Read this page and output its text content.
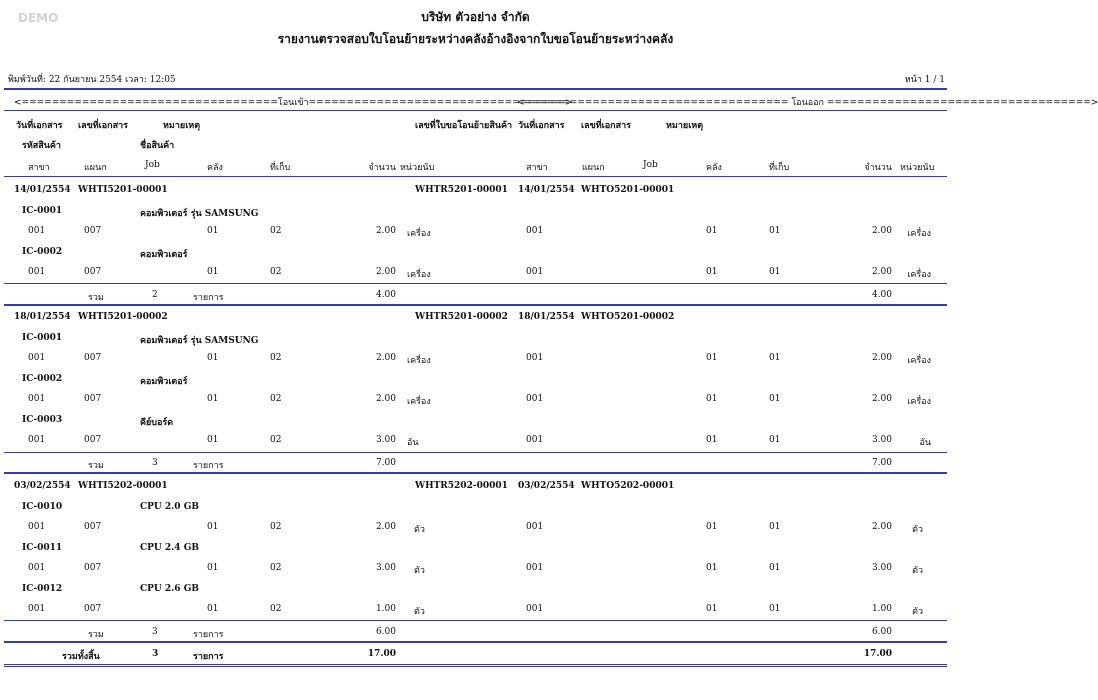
DEMO	บริษัท ตัวอย่าง จำกัด
รายงานตรวจสอบใบโอนย้ายระหว่างคลังอ้างอิงจากใบขอโอนย้ายระหว่างคลัง
พิมพ์วันที่: 22 กันยายน 2554 เวลา: 12:05	หน้า 1 / 1
<==================================โอนเข้า==================================>
<=================================== โอนออก ===================================>
วันที่เอกสาร เลขที่เอกสาร	หมายเหตุ	เลขที่ใบขอโอนย้ายสินค้า วันที่เอกสาร เลขที่เอกสาร	หมายเหตุ
รหัสสินค้า	ชื่อสินค้า
สาขา	แผนก	Job	คลัง	ที่เก็บ	จำนวน หน่วยนับ	สาขา	แผนก	Job	คลัง	ที่เก็บ	จำนวน หน่วยนับ
14/01/2554 WHTI5201-00001	WHTR5201-00001 14/01/2554 WHTO5201-00001
IC-0001	คอมพิวเตอร์ รุ่น SAMSUNG
001	007	01	02	2.00 เครื่อง	001	01	01	2.00	เครื่อง
IC-0002	คอมพิวเตอร์
001	007	01	02	2.00 เครื่อง	001	01	01	2.00	เครื่อง
รวม	2	รายการ	4.00	4.00
18/01/2554 WHTI5201-00002	WHTR5201-00002 18/01/2554 WHTO5201-00002
IC-0001	คอมพิวเตอร์ รุ่น SAMSUNG
001	007	01	02	2.00 เครื่อง	001	01	01	2.00	เครื่อง
IC-0002	คอมพิวเตอร์
001	007	01	02	2.00 เครื่อง	001	01	01	2.00	เครื่อง
IC-0003	คีย์บอร์ด
001	007	01	02	3.00 อัน	001	01	01	3.00	อัน
รวม	3	รายการ	7.00	7.00
03/02/2554 WHTI5202-00001	WHTR5202-00001 03/02/2554 WHTO5202-00001
IC-0010	CPU 2.0 GB
001	007	01	02	2.00 ตัว	001	01	01	2.00	ตัว
IC-0011	CPU 2.4 GB
001	007	01	02	3.00 ตัว	001	01	01	3.00	ตัว
IC-0012	CPU 2.6 GB
001	007	01	02	1.00 ตัว	001	01	01	1.00	ตัว
รวม	3	รายการ	6.00	6.00
รวมทั้งสิ้น	3	รายการ	17.00	17.00
